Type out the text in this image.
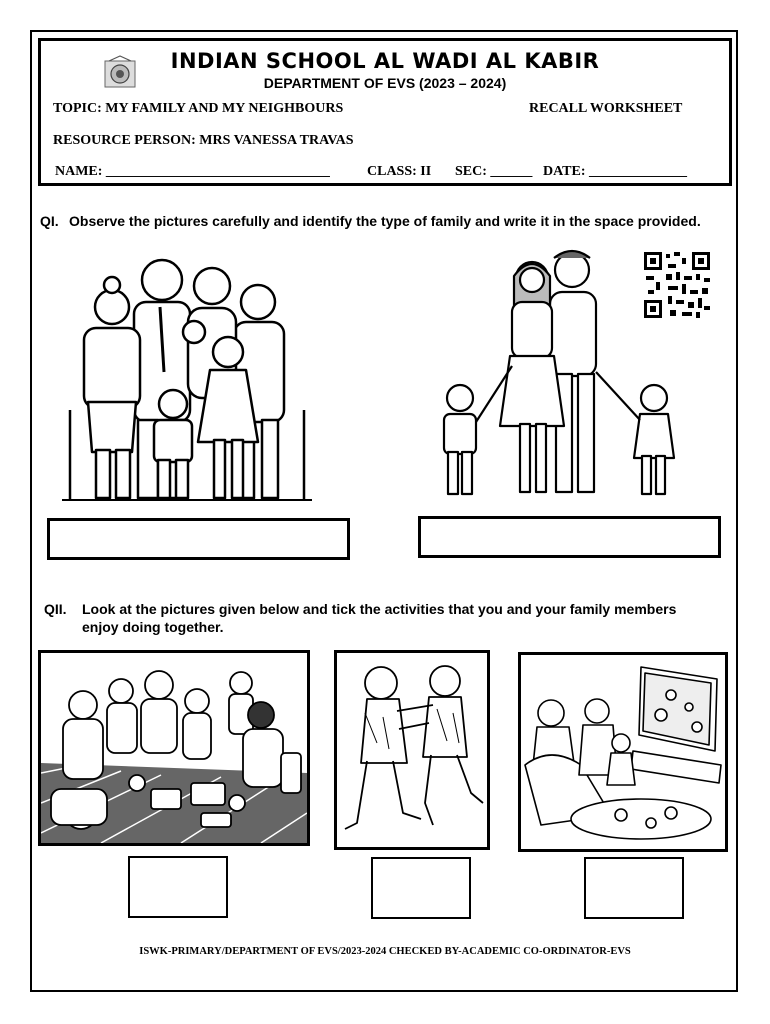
INDIAN SCHOOL AL WADI AL KABIR
DEPARTMENT OF EVS (2023 – 2024)
TOPIC: MY FAMILY AND MY NEIGHBOURS	RECALL WORKSHEET
RESOURCE PERSON: MRS VANESSA TRAVAS
NAME: ________________________________	CLASS: II SEC: ______ DATE: ______________
QI. Observe the pictures carefully and identify the type of family and write it in the space provided.
QII. Look at the pictures given below and tick the activities that you and your family members enjoy doing together.
ISWK-PRIMARY/DEPARTMENT OF EVS/2023-2024 CHECKED BY-ACADEMIC CO-ORDINATOR-EVS
